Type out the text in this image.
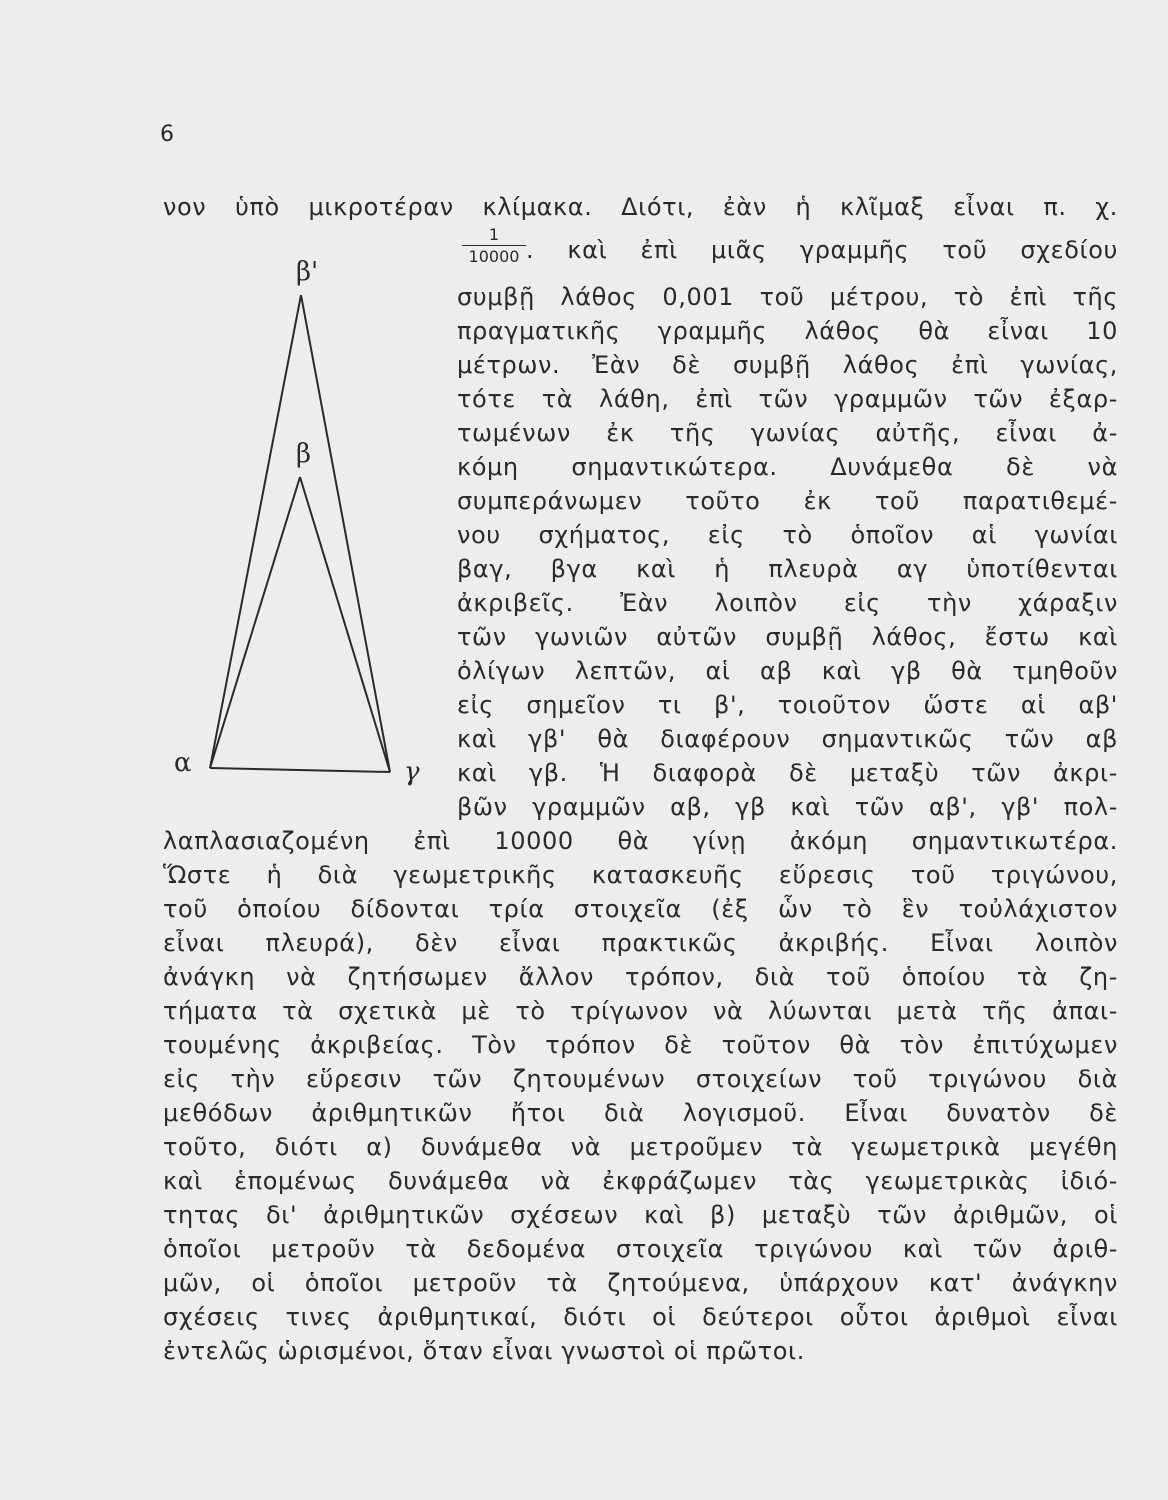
6
νον ὑπὸ μικροτέραν κλίμακα. Διότι, ἐὰν ἡ κλῖμαξ εἶναι π. χ.
$\frac{1}{10000}$ . καὶ ἐπὶ μιᾶς γραμμῆς τοῦ σχεδίου
συμβῇ λάθος 0,001 τοῦ μέτρου, τὸ ἐπὶ τῆς
πραγματικῆς γραμμῆς λάθος θὰ εἶναι 10
μέτρων. Ἐὰν δὲ συμβῇ λάθος ἐπὶ γωνίας,
τότε τὰ λάθη, ἐπὶ τῶν γραμμῶν τῶν ἐξαρ-
τωμένων ἐκ τῆς γωνίας αὐτῆς, εἶναι ἀ-
κόμη σημαντικώτερα. Δυνάμεθα δὲ νὰ
συμπεράνωμεν τοῦτο ἐκ τοῦ παρατιθεμέ-
νου σχήματος, εἰς τὸ ὁποῖον αἱ γωνίαι
βαγ, βγα καὶ ἡ πλευρὰ αγ ὑποτίθενται
ἀκριβεῖς. Ἐὰν λοιπὸν εἰς τὴν χάραξιν
τῶν γωνιῶν αὐτῶν συμβῇ λάθος, ἔστω καὶ
ὀλίγων λεπτῶν, αἱ αβ καὶ γβ θὰ τμηθοῦν
εἰς σημεῖον τι β', τοιοῦτον ὥστε αἱ αβ'
καὶ γβ' θὰ διαφέρουν σημαντικῶς τῶν αβ
καὶ γβ. Ἡ διαφορὰ δὲ μεταξὺ τῶν ἀκρι-
βῶν γραμμῶν αβ, γβ καὶ τῶν αβ', γβ' πολ-
λαπλασιαζομένη ἐπὶ 10000 θὰ γίνῃ ἀκόμη σημαντικωτέρα.
Ὥστε ἡ διὰ γεωμετρικῆς κατασκευῆς εὕρεσις τοῦ τριγώνου,
τοῦ ὁποίου δίδονται τρία στοιχεῖα (ἐξ ὧν τὸ ἓν τοὐλάχιστον
εἶναι πλευρά), δὲν εἶναι πρακτικῶς ἀκριβής. Εἶναι λοιπὸν
ἀνάγκη νὰ ζητήσωμεν ἄλλον τρόπον, διὰ τοῦ ὁποίου τὰ ζη-
τήματα τὰ σχετικὰ μὲ τὸ τρίγωνον νὰ λύωνται μετὰ τῆς ἀπαι-
τουμένης ἀκριβείας. Τὸν τρόπον δὲ τοῦτον θὰ τὸν ἐπιτύχωμεν
εἰς τὴν εὕρεσιν τῶν ζητουμένων στοιχείων τοῦ τριγώνου διὰ
μεθόδων ἀριθμητικῶν ἤτοι διὰ λογισμοῦ. Εἶναι δυνατὸν δὲ
τοῦτο, διότι α) δυνάμεθα νὰ μετροῦμεν τὰ γεωμετρικὰ μεγέθη
καὶ ἑπομένως δυνάμεθα νὰ ἐκφράζωμεν τὰς γεωμετρικὰς ἰδιό-
τητας δι' ἀριθμητικῶν σχέσεων καὶ β) μεταξὺ τῶν ἀριθμῶν, οἱ
ὁποῖοι μετροῦν τὰ δεδομένα στοιχεῖα τριγώνου καὶ τῶν ἀριθ-
μῶν, οἱ ὁποῖοι μετροῦν τὰ ζητούμενα, ὑπάρχουν κατ' ἀνάγκην
σχέσεις τινες ἀριθμητικαί, διότι οἱ δεύτεροι οὗτοι ἀριθμοὶ εἶναι
ἐντελῶς ὡρισμένοι, ὅταν εἶναι γνωστοὶ οἱ πρῶτοι.
β'
β
α	γ
